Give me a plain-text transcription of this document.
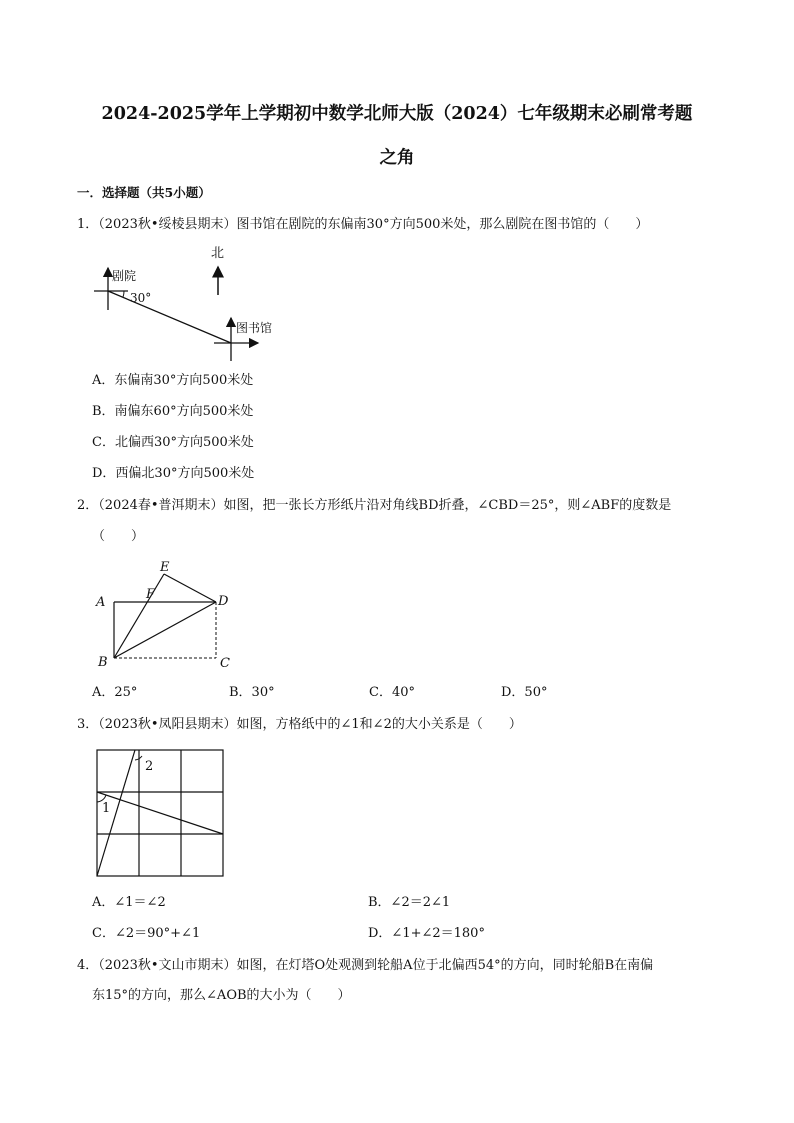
2024-2025学年上学期初中数学北师大版（2024）七年级期末必刷常考题
之角
一．选择题（共5小题）
1．（2023秋•绥棱县期末）图书馆在剧院的东偏南30°方向500米处，那么剧院在图书馆的（　　）
北
剧院
30°
图书馆
A．东偏南30°方向500米处
B．南偏东60°方向500米处
C．北偏西30°方向500米处
D．西偏北30°方向500米处
2．（2024春•普洱期末）如图，把一张长方形纸片沿对角线BD折叠，∠CBD＝25°，则∠ABF的度数是
（　　）
A
B	C
D
E
F
A．25°	B．30°	C．40°	D．50°
3．（2023秋•凤阳县期末）如图，方格纸中的∠1和∠2的大小关系是（　　）
2
1
A．∠1＝∠2	B．∠2＝2∠1
C．∠2＝90°+∠1	D．∠1+∠2＝180°
4．（2023秋•文山市期末）如图，在灯塔O处观测到轮船A位于北偏西54°的方向，同时轮船B在南偏
东15°的方向，那么∠AOB的大小为（　　）
